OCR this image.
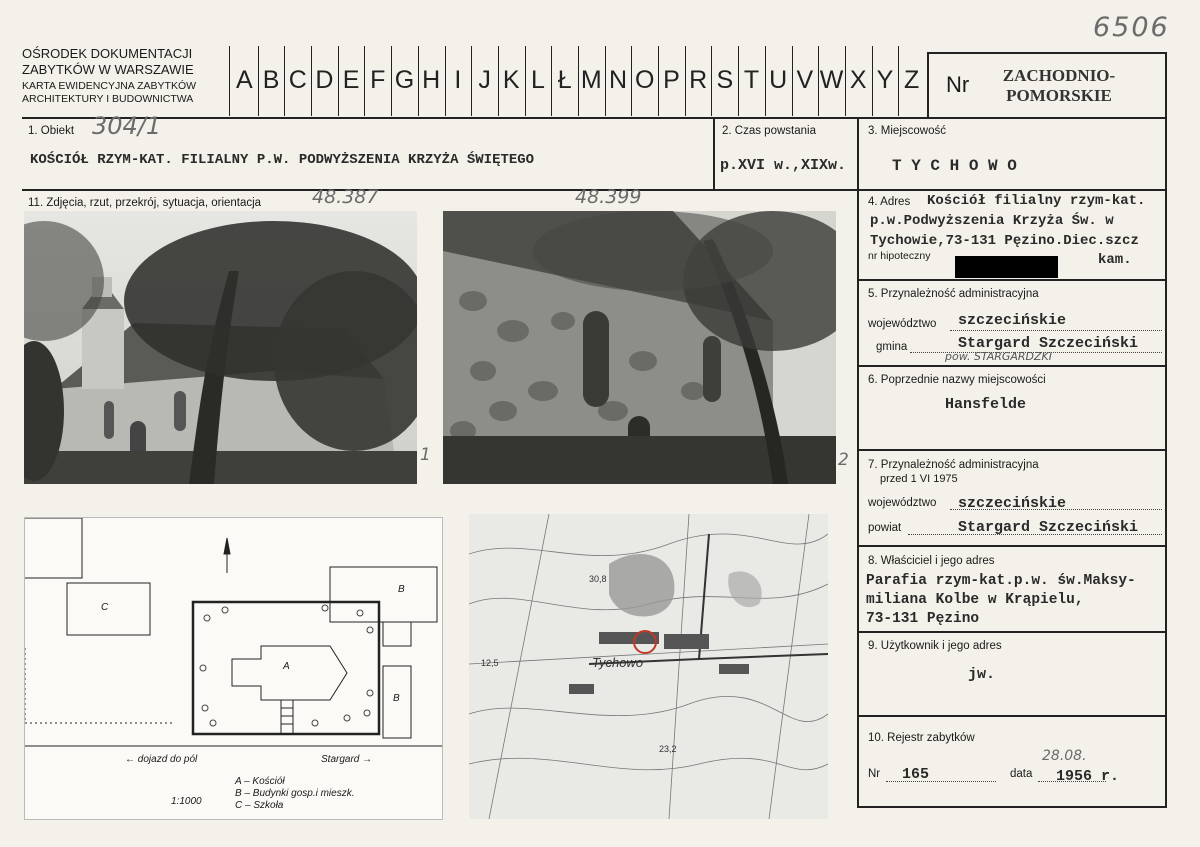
6506
OŚRODEK DOKUMENTACJI
ZABYTKÓW W WARSZAWIE
KARTA EWIDENCYJNA ZABYTKÓW
ARCHITEKTURY I BUDOWNICTWA
A B C D E F G H I J K L Ł M N O P R S T U V W X Y Z Nr	ZACHODNIO-
POMORSKIE
1. Obiekt 304/1
KOŚCIÓŁ RZYM-KAT. FILIALNY P.W. PODWYŻSZENIA KRZYŻA ŚWIĘTEGO
2. Czas powstania
p.XVI w.,XIXw.
3. Miejscowość
T Y C H O W O
11. Zdjęcia, rzut, przekrój, sytuacja, orientacja	48.387	48.399
1	2
A
B
B
C
← dojazd do pól	Stargard →
1:1000
A – Kościół
B – Budynki gosp.i mieszk.
C – Szkoła
Tychowo
30,8
12,5
23,2
4. Adres Kościół filialny rzym-kat.
p.w.Podwyższenia Krzyża Św. w
Tychowie,73-131 Pęzino.Diec.szcz
nr hipoteczny	kam.
5. Przynależność administracyjna
województwo szczecińskie
gmina	Stargard Szczeciński
pow. STARGARDZKI
6. Poprzednie nazwy miejscowości
Hansfelde
7. Przynależność administracyjna
przed 1 VI 1975
województwo szczecińskie
powiat	Stargard Szczeciński
8. Właściciel i jego adres
Parafia rzym-kat.p.w. św.Maksy-
miliana Kolbe w Krąpielu,
73-131 Pęzino
9. Użytkownik i jego adres
jw.
10. Rejestr zabytków
Nr 165	data
28.08.
1956 r.
